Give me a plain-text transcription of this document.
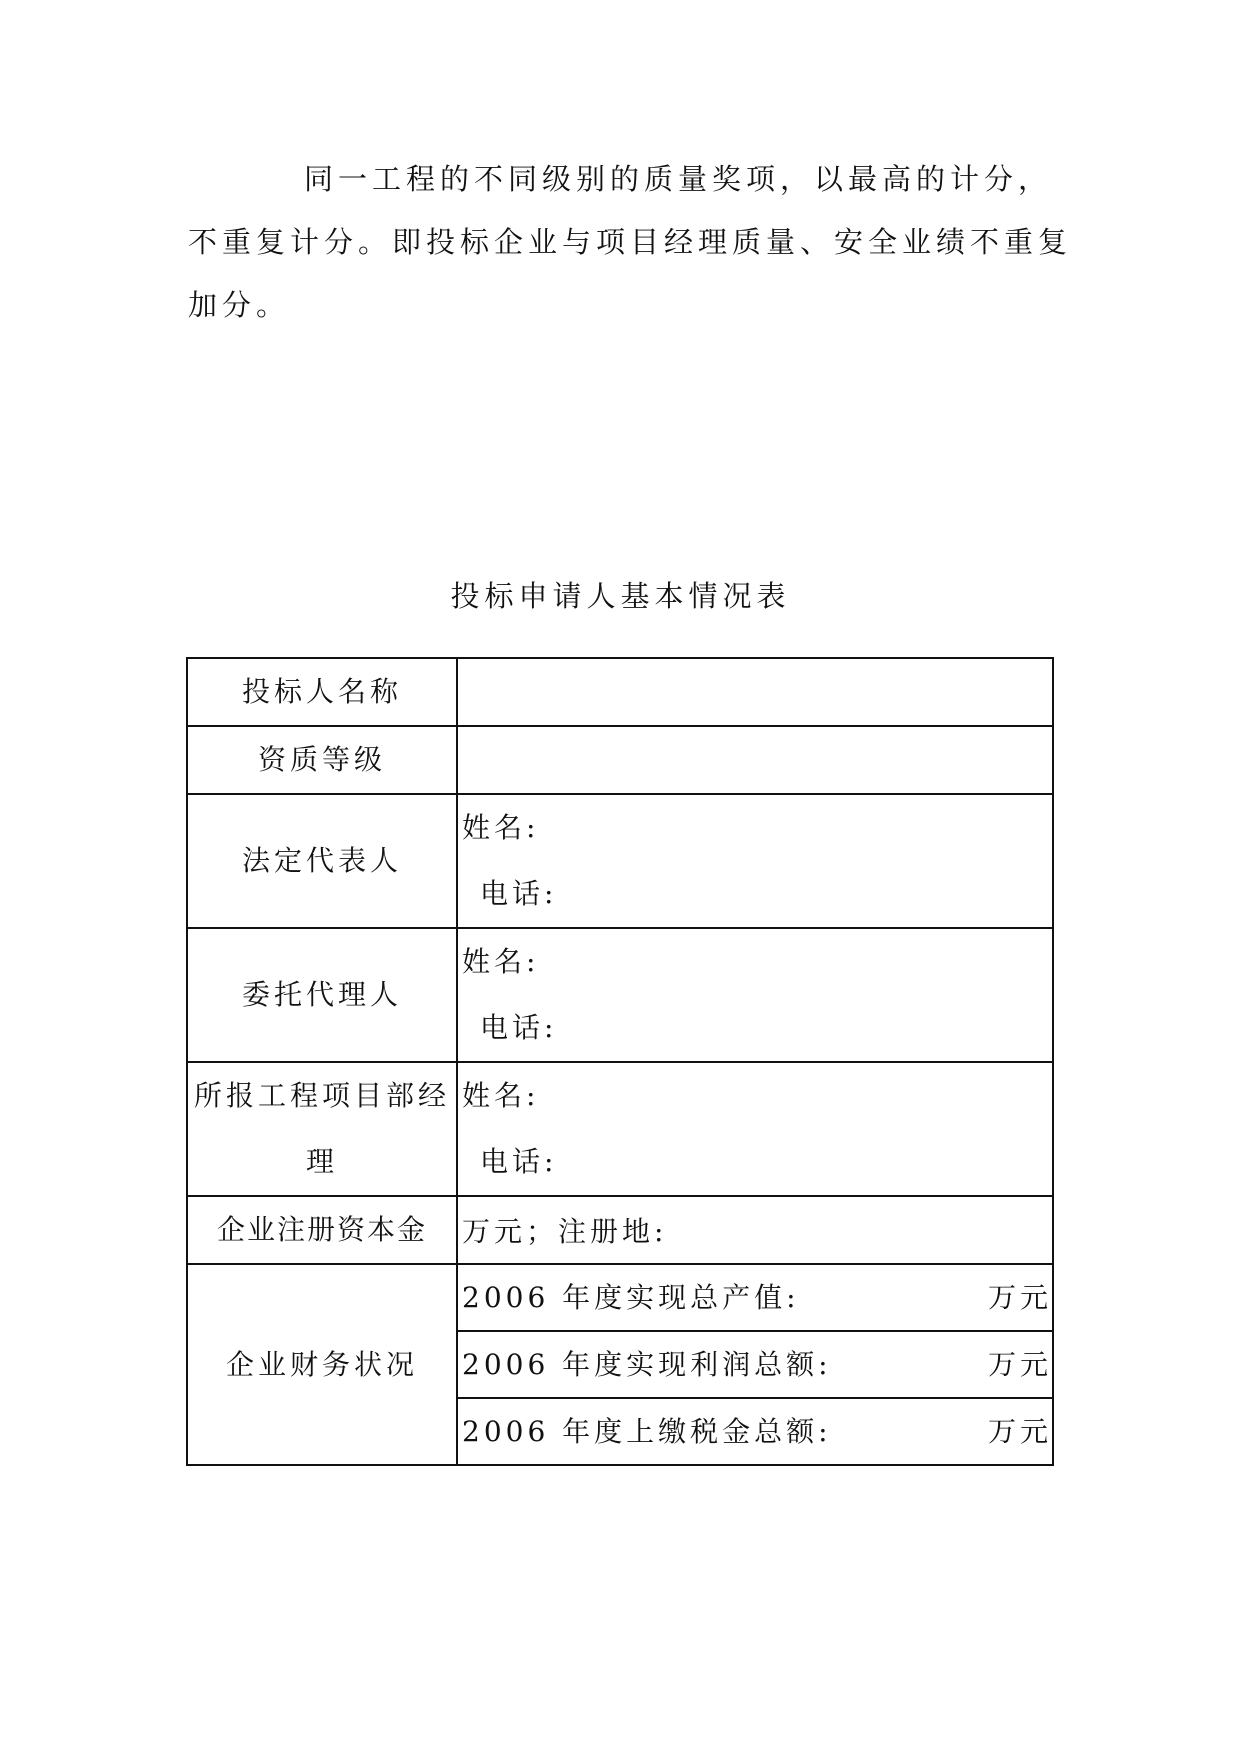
同一工程的不同级别的质量奖项，以最高的计分，
不重复计分。即投标企业与项目经理质量、安全业绩不重复
加分。
投标申请人基本情况表
投标人名称	
资质等级	
法定代表人	姓名:
电话:

委托代理人	姓名:
电话:

所报工程项目部经
理	姓名:
电话:

企业注册资本金	万元；注册地:
企业财务状况	2006 年度实现总产值: 万元

	2006 年度实现利润总额: 万元

	2006 年度上缴税金总额: 万元
